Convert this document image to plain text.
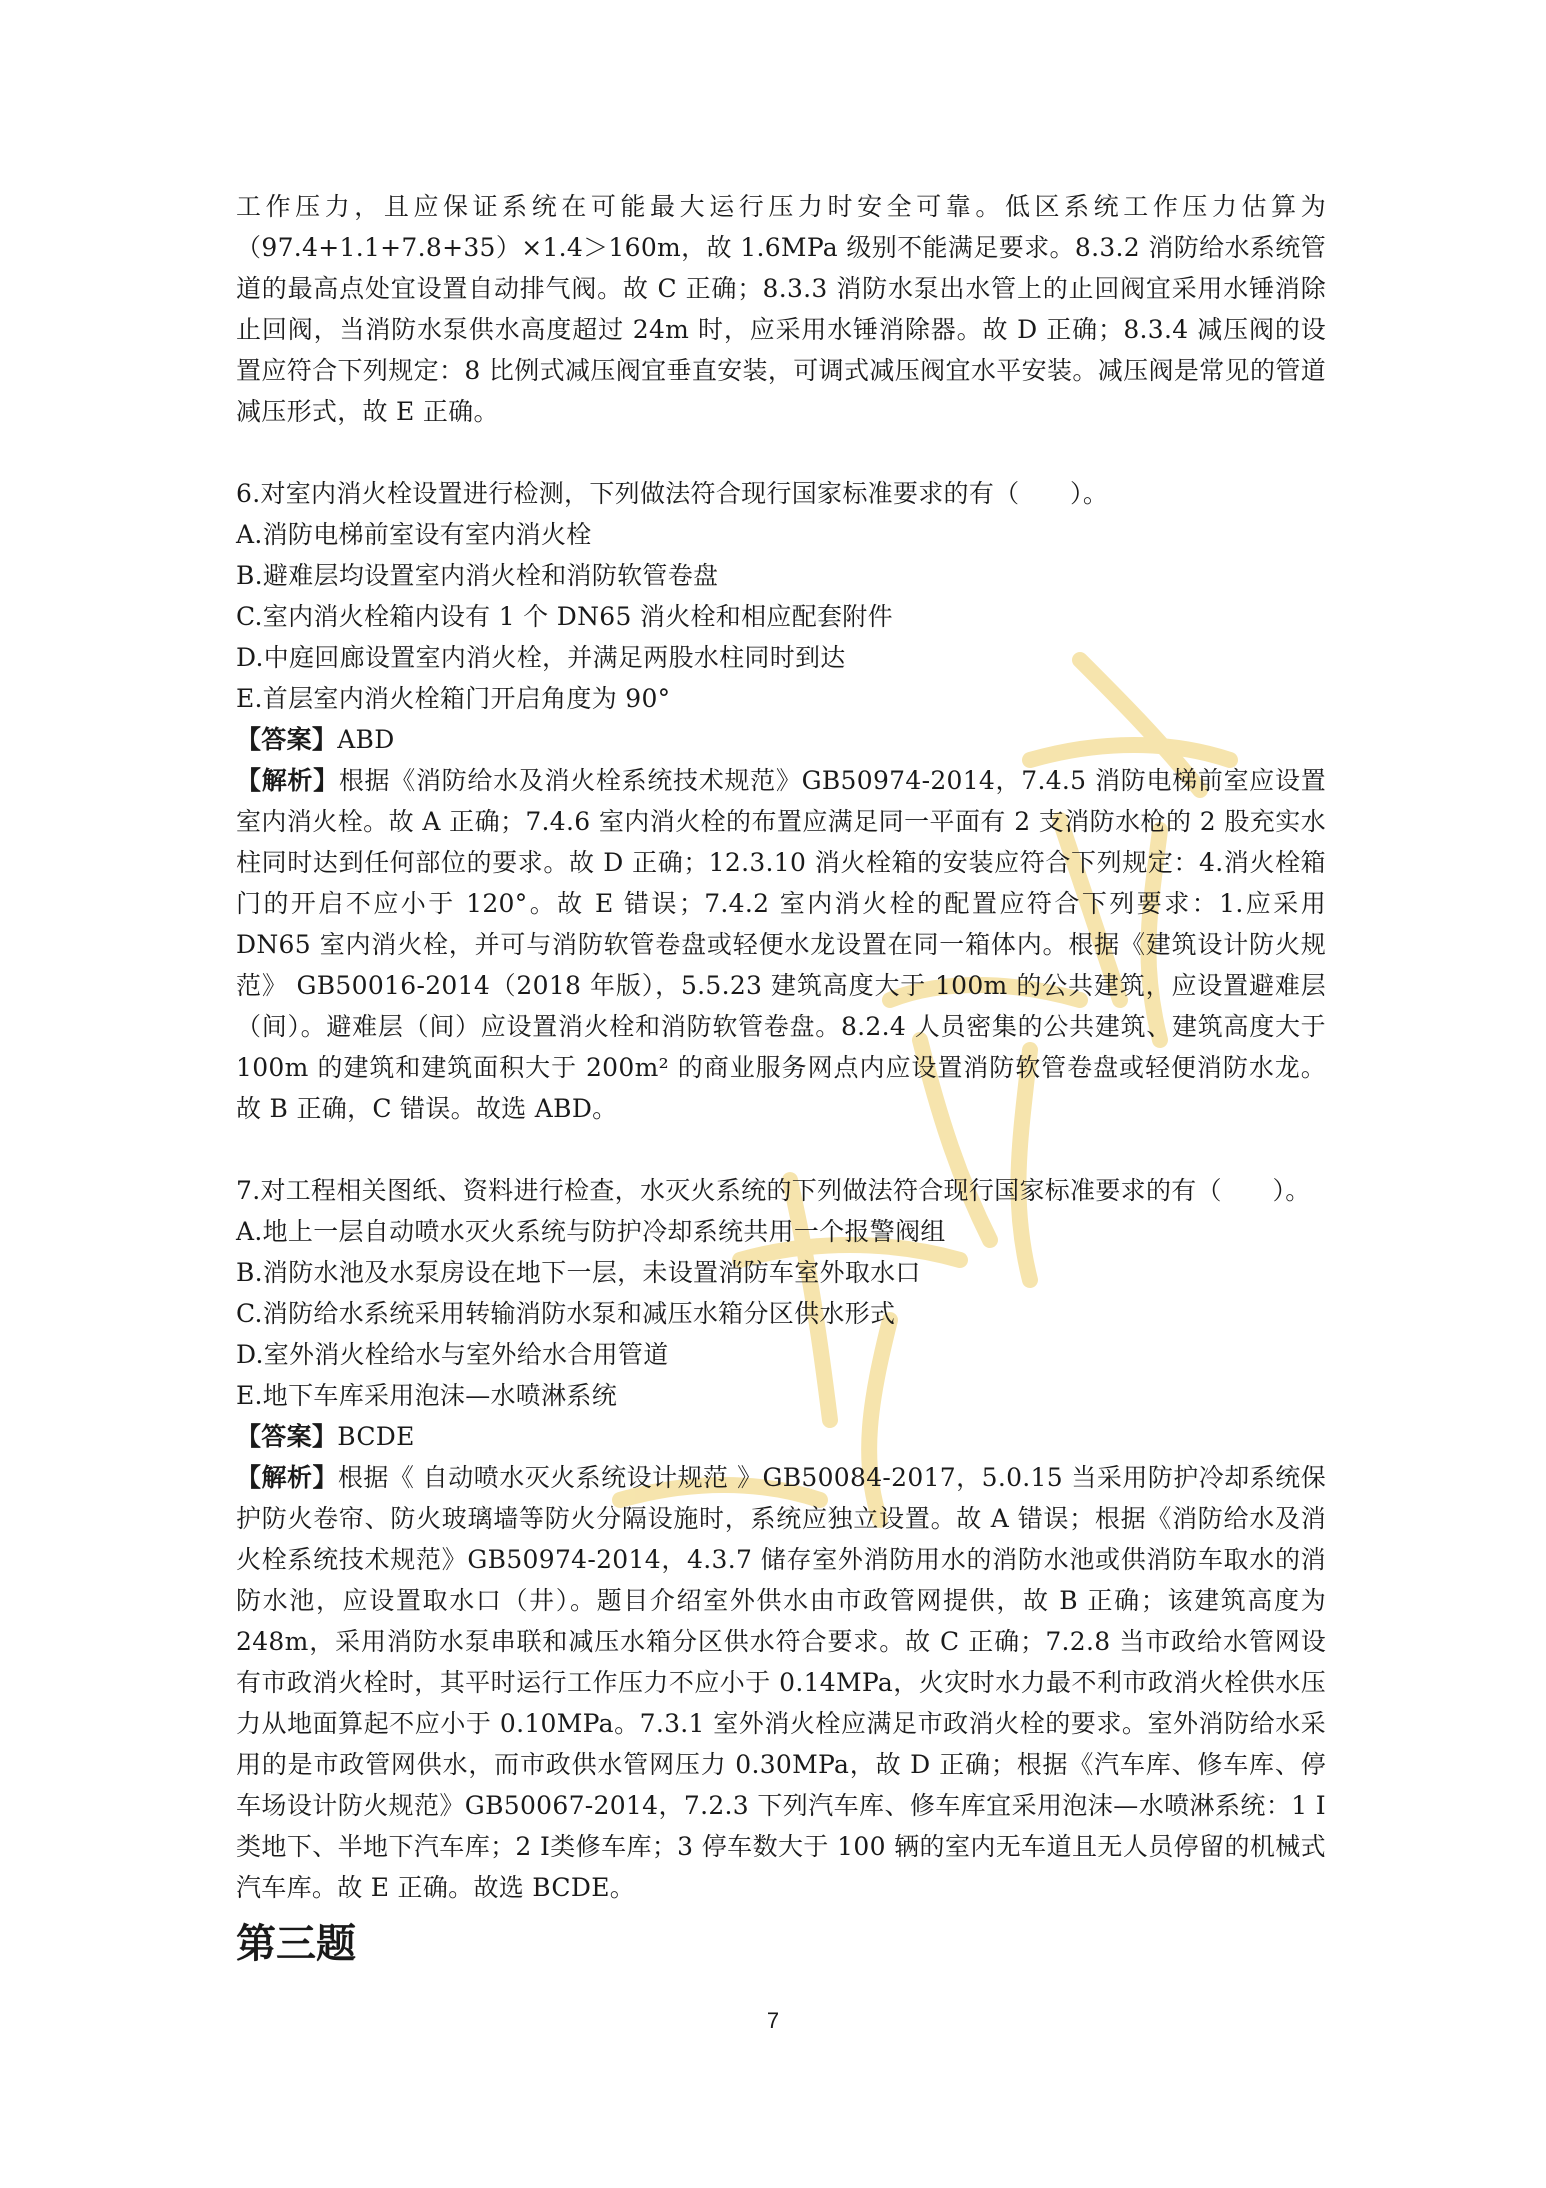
工作压力，且应保证系统在可能最大运行压力时安全可靠。低区系统工作压力估算为（97.4+1.1+7.8+35）×1.4＞160m，故 1.6MPa 级别不能满足要求。8.3.2 消防给水系统管道的最高点处宜设置自动排气阀。故 C 正确；8.3.3 消防水泵出水管上的止回阀宜采用水锤消除止回阀，当消防水泵供水高度超过 24m 时，应采用水锤消除器。故 D 正确；8.3.4 减压阀的设置应符合下列规定：8 比例式减压阀宜垂直安装，可调式减压阀宜水平安装。减压阀是常见的管道减压形式，故 E 正确。

6.对室内消火栓设置进行检测，下列做法符合现行国家标准要求的有（　　）。

A.消防电梯前室设有室内消火栓

B.避难层均设置室内消火栓和消防软管卷盘

C.室内消火栓箱内设有 1 个 DN65 消火栓和相应配套附件

D.中庭回廊设置室内消火栓，并满足两股水柱同时到达

E.首层室内消火栓箱门开启角度为 90°

【答案】ABD

【解析】根据《消防给水及消火栓系统技术规范》GB50974-2014，7.4.5 消防电梯前室应设置室内消火栓。故 A 正确；7.4.6 室内消火栓的布置应满足同一平面有 2 支消防水枪的 2 股充实水柱同时达到任何部位的要求。故 D 正确；12.3.10 消火栓箱的安装应符合下列规定：4.消火栓箱门的开启不应小于 120°。故 E 错误；7.4.2 室内消火栓的配置应符合下列要求：1.应采用 DN65 室内消火栓，并可与消防软管卷盘或轻便水龙设置在同一箱体内。根据《建筑设计防火规范》 GB50016-2014（2018 年版），5.5.23 建筑高度大于 100m 的公共建筑，应设置避难层（间）。避难层（间）应设置消火栓和消防软管卷盘。8.2.4 人员密集的公共建筑、建筑高度大于 100m 的建筑和建筑面积大于 200m² 的商业服务网点内应设置消防软管卷盘或轻便消防水龙。故 B 正确，C 错误。故选 ABD。

7.对工程相关图纸、资料进行检查，水灭火系统的下列做法符合现行国家标准要求的有（　　）。

A.地上一层自动喷水灭火系统与防护冷却系统共用一个报警阀组

B.消防水池及水泵房设在地下一层，未设置消防车室外取水口

C.消防给水系统采用转输消防水泵和减压水箱分区供水形式

D.室外消火栓给水与室外给水合用管道

E.地下车库采用泡沫—水喷淋系统

【答案】BCDE

【解析】根据《 自动喷水灭火系统设计规范 》GB50084-2017，5.0.15 当采用防护冷却系统保护防火卷帘、防火玻璃墙等防火分隔设施时，系统应独立设置。故 A 错误；根据《消防给水及消火栓系统技术规范》GB50974-2014，4.3.7 储存室外消防用水的消防水池或供消防车取水的消防水池，应设置取水口（井）。题目介绍室外供水由市政管网提供，故 B 正确；该建筑高度为 248m，采用消防水泵串联和减压水箱分区供水符合要求。故 C 正确；7.2.8 当市政给水管网设有市政消火栓时，其平时运行工作压力不应小于 0.14MPa，火灾时水力最不利市政消火栓供水压力从地面算起不应小于 0.10MPa。7.3.1 室外消火栓应满足市政消火栓的要求。室外消防给水采用的是市政管网供水，而市政供水管网压力 0.30MPa，故 D 正确；根据《汽车库、修车库、停车场设计防火规范》GB50067-2014，7.2.3 下列汽车库、修车库宜采用泡沫—水喷淋系统：1 Ⅰ类地下、半地下汽车库；2 Ⅰ类修车库；3 停车数大于 100 辆的室内无车道且无人员停留的机械式汽车库。故 E 正确。故选 BCDE。

第三题
7
